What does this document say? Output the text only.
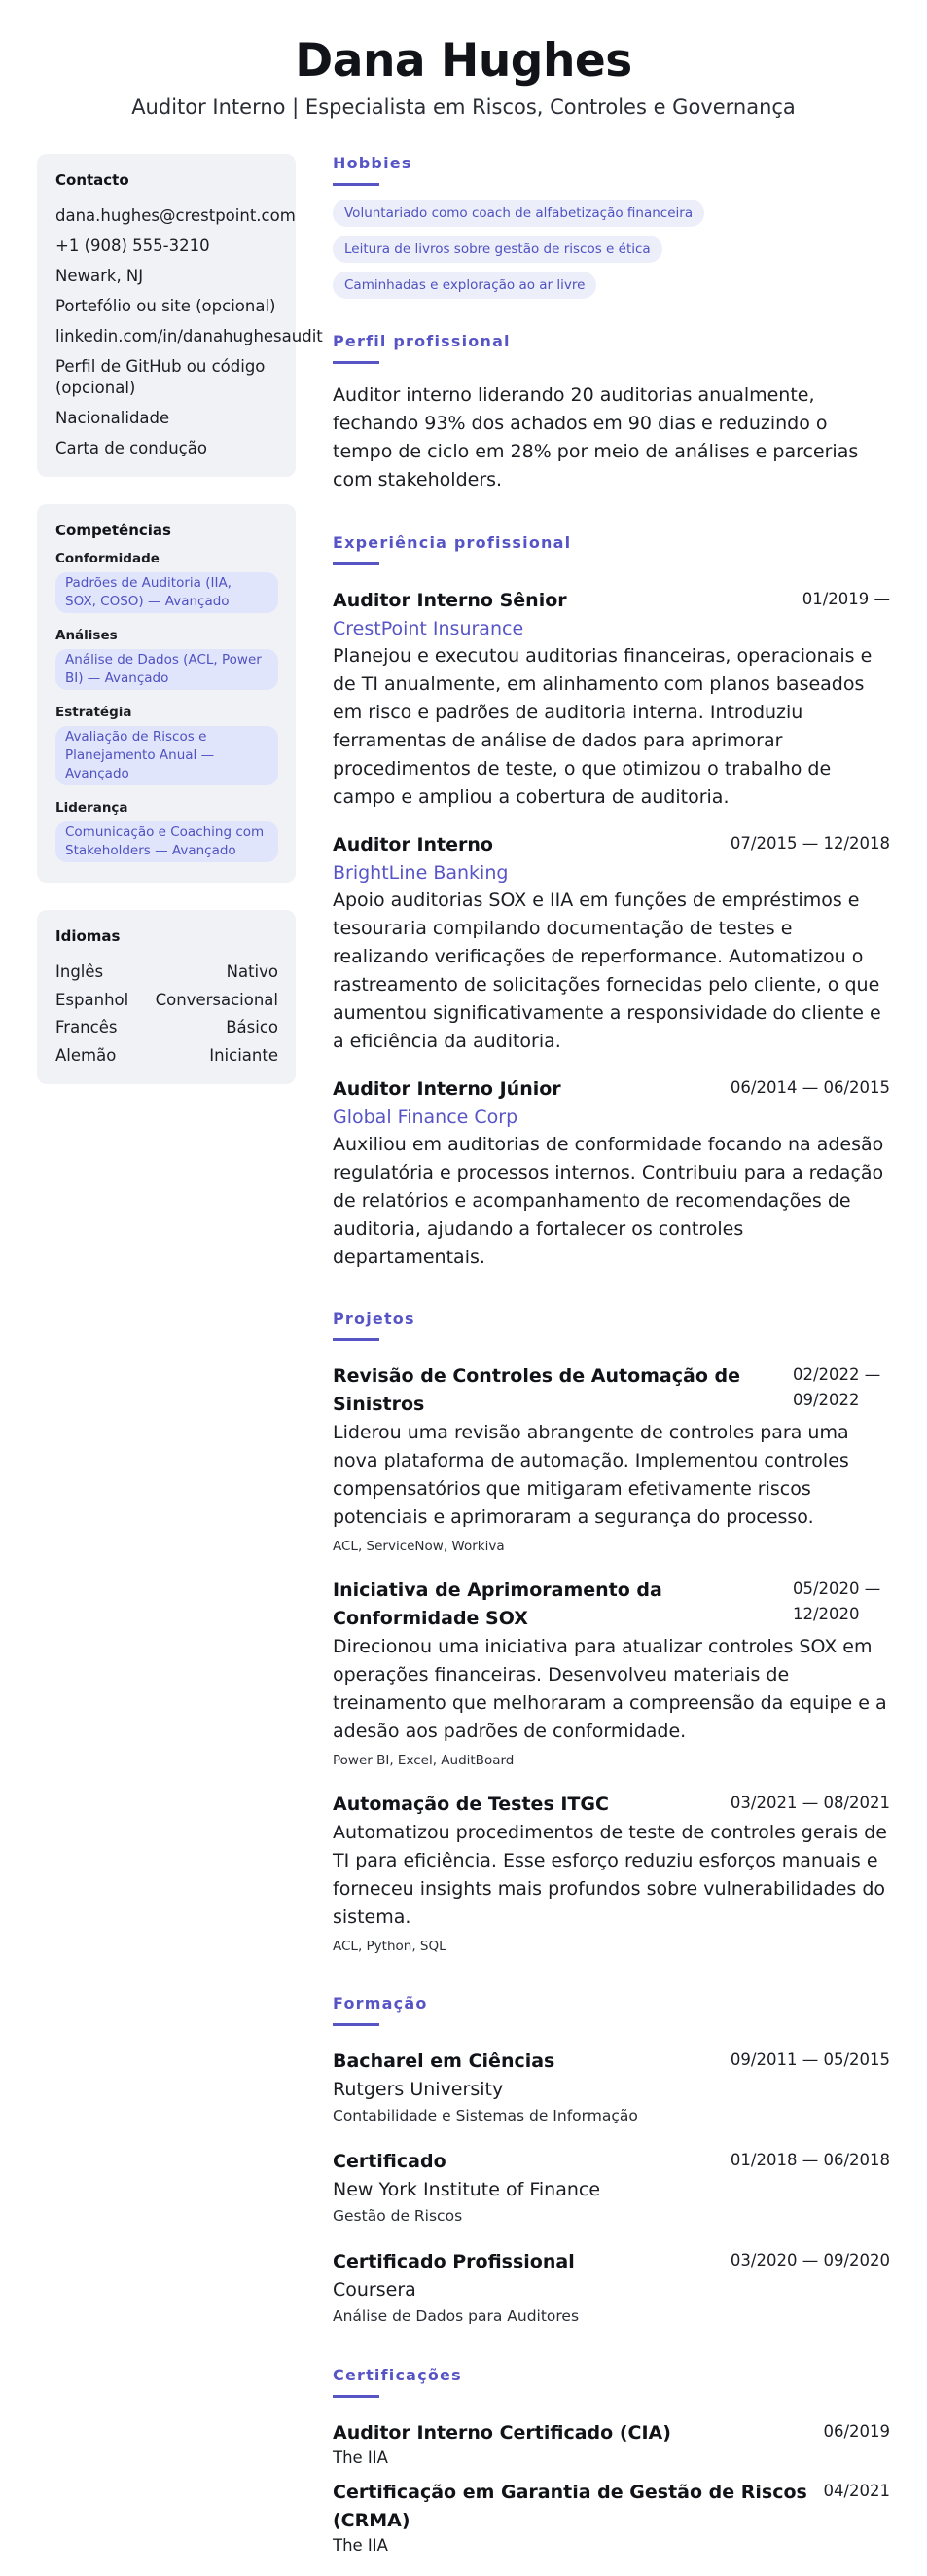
Dana Hughes
Auditor Interno | Especialista em Riscos, Controles e Governança
Contacto
dana.hughes@crestpoint.com
+1 (908) 555-3210
Newark, NJ
Portefólio ou site (opcional)
linkedin.com/in/danahughesaudit
Perfil de GitHub ou código (opcional)
Nacionalidade
Carta de condução
Competências
Conformidade
Padrões de Auditoria (IIA, SOX, COSO) — Avançado
Análises
Análise de Dados (ACL, Power BI) — Avançado
Estratégia
Avaliação de Riscos e Planejamento Anual — Avançado
Liderança
Comunicação e Coaching com Stakeholders — Avançado
Idiomas
Inglês	Nativo
Espanhol Conversacional
Francês	Básico
Alemão	Iniciante
Hobbies
Voluntariado como coach de alfabetização financeira
Leitura de livros sobre gestão de riscos e ética
Caminhadas e exploração ao ar livre
Perfil profissional
Auditor interno liderando 20 auditorias anualmente, fechando 93% dos achados em 90 dias e reduzindo o tempo de ciclo em 28% por meio de análises e parcerias com stakeholders.
Experiência profissional
Auditor Interno Sênior	01/2019 —
CrestPoint Insurance
Planejou e executou auditorias financeiras, operacionais e de TI anualmente, em alinhamento com planos baseados em risco e padrões de auditoria interna. Introduziu ferramentas de análise de dados para aprimorar procedimentos de teste, o que otimizou o trabalho de campo e ampliou a cobertura de auditoria.
Auditor Interno	07/2015 — 12/2018
BrightLine Banking
Apoio auditorias SOX e IIA em funções de empréstimos e tesouraria compilando documentação de testes e realizando verificações de reperformance. Automatizou o rastreamento de solicitações fornecidas pelo cliente, o que aumentou significativamente a responsividade do cliente e a eficiência da auditoria.
Auditor Interno Júnior	06/2014 — 06/2015
Global Finance Corp
Auxiliou em auditorias de conformidade focando na adesão regulatória e processos internos. Contribuiu para a redação de relatórios e acompanhamento de recomendações de auditoria, ajudando a fortalecer os controles departamentais.
Projetos
Revisão de Controles de Automação de Sinistros
02/2022 — 09/2022
Liderou uma revisão abrangente de controles para uma nova plataforma de automação. Implementou controles compensatórios que mitigaram efetivamente riscos potenciais e aprimoraram a segurança do processo.
ACL, ServiceNow, Workiva
Iniciativa de Aprimoramento da Conformidade SOX
05/2020 — 12/2020
Direcionou uma iniciativa para atualizar controles SOX em operações financeiras. Desenvolveu materiais de treinamento que melhoraram a compreensão da equipe e a adesão aos padrões de conformidade.
Power BI, Excel, AuditBoard
Automação de Testes ITGC	03/2021 — 08/2021
Automatizou procedimentos de teste de controles gerais de TI para eficiência. Esse esforço reduziu esforços manuais e forneceu insights mais profundos sobre vulnerabilidades do sistema.
ACL, Python, SQL
Formação
Bacharel em Ciências	09/2011 — 05/2015
Rutgers University
Contabilidade e Sistemas de Informação
Certificado	01/2018 — 06/2018
New York Institute of Finance
Gestão de Riscos
Certificado Profissional	03/2020 — 09/2020
Coursera
Análise de Dados para Auditores
Certificações
Auditor Interno Certificado (CIA)	06/2019
The IIA
Certificação em Garantia de Gestão de Riscos (CRMA)
04/2021
The IIA
